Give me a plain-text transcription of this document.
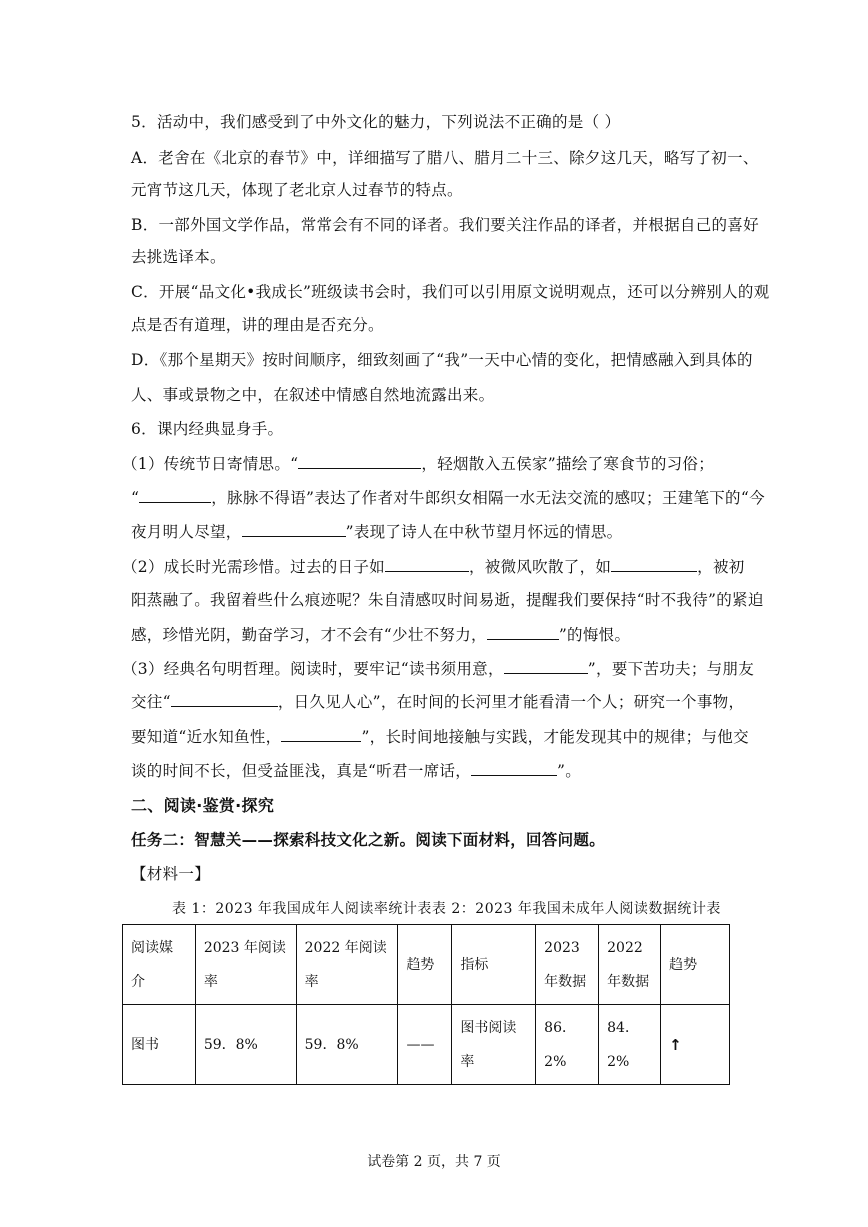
5．活动中，我们感受到了中外文化的魅力，下列说法不正确的是（ ）
A．老舍在《北京的春节》中，详细描写了腊八、腊月二十三、除夕这几天，略写了初一、
元宵节这几天，体现了老北京人过春节的特点。
B．一部外国文学作品，常常会有不同的译者。我们要关注作品的译者，并根据自己的喜好
去挑选译本。
C．开展“品文化•我成长”班级读书会时，我们可以引用原文说明观点，还可以分辨别人的观
点是否有道理，讲的理由是否充分。
D．《那个星期天》按时间顺序，细致刻画了“我”一天中心情的变化，把情感融入到具体的
人、事或景物之中，在叙述中情感自然地流露出来。
6．课内经典显身手。
（1）传统节日寄情思。“	，轻烟散入五侯家”描绘了寒食节的习俗；
“	，脉脉不得语”表达了作者对牛郎织女相隔一水无法交流的感叹；王建笔下的“今
夜月明人尽望，	”表现了诗人在中秋节望月怀远的情思。
（2）成长时光需珍惜。过去的日子如	，被微风吹散了，如	，被初
阳蒸融了。我留着些什么痕迹呢？朱自清感叹时间易逝，提醒我们要保持“时不我待”的紧迫
感，珍惜光阴，勤奋学习，才不会有“少壮不努力，	”的悔恨。
（3）经典名句明哲理。阅读时，要牢记“读书须用意，	”，要下苦功夫；与朋友
交往“	，日久见人心”，在时间的长河里才能看清一个人；研究一个事物，
要知道“近水知鱼性，	”，长时间地接触与实践，才能发现其中的规律；与他交
谈的时间不长，但受益匪浅，真是“听君一席话，	”。
二、阅读·鉴赏·探究
任务二：智慧关——探索科技文化之新。阅读下面材料，回答问题。
【材料一】
表 1：2023 年我国成年人阅读率统计表表 2：2023 年我国未成年人阅读数据统计表
阅读媒介	2023 年阅读率	2022 年阅读率	趋势	指标	2023 年数据	2022 年数据	趋势
图书	59．8%	59．8%	——	图书阅读率	86．2%	84．2%	↑
试卷第 2 页，共 7 页
